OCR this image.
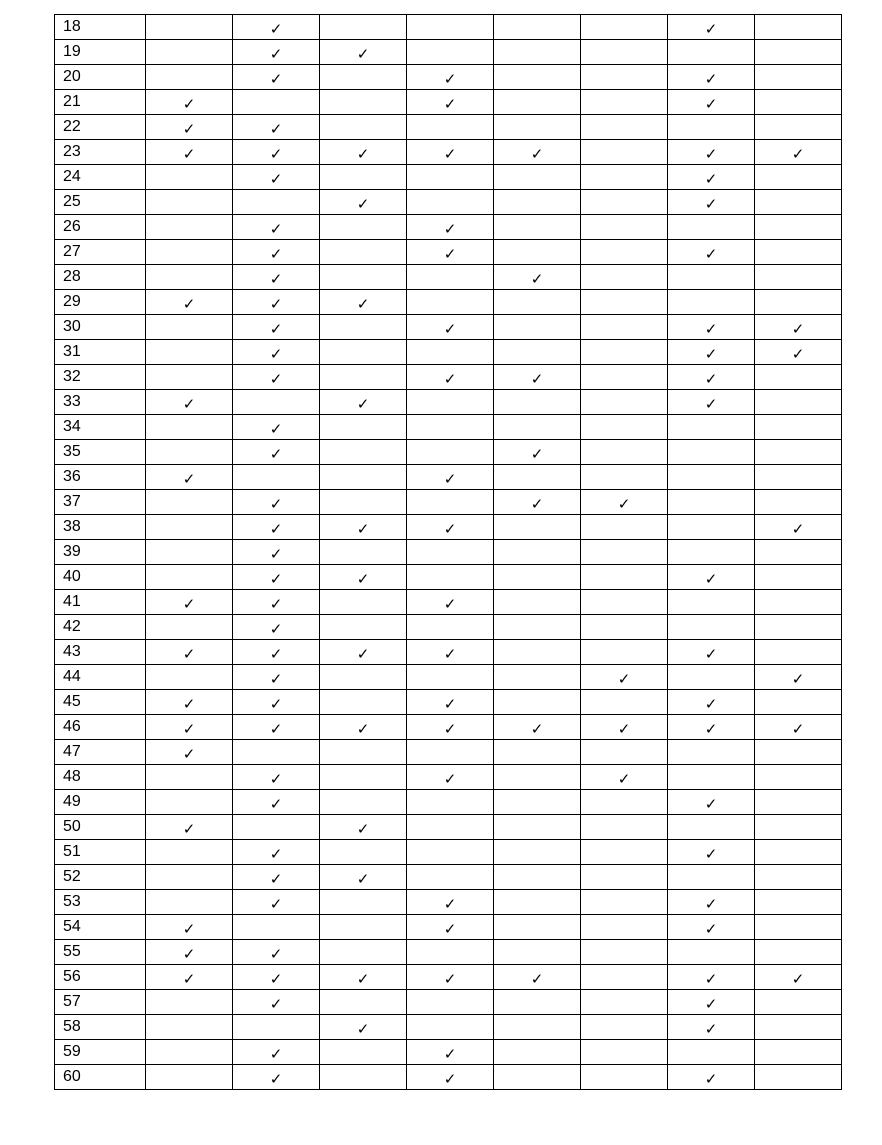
18		✓					✓	
19		✓	✓					
20		✓		✓			✓	
21	✓			✓			✓	
22	✓	✓						
23	✓	✓	✓	✓	✓		✓	✓
24		✓					✓	
25			✓				✓	
26		✓		✓				
27		✓		✓			✓	
28		✓			✓			
29	✓	✓	✓					
30		✓		✓			✓	✓
31		✓					✓	✓
32		✓		✓	✓		✓	
33	✓		✓				✓	
34		✓						
35		✓			✓			
36	✓			✓				
37		✓			✓	✓		
38		✓	✓	✓				✓
39		✓						
40		✓	✓				✓	
41	✓	✓		✓				
42		✓						
43	✓	✓	✓	✓			✓	
44		✓				✓		✓
45	✓	✓		✓			✓	
46	✓	✓	✓	✓	✓	✓	✓	✓
47	✓							
48		✓		✓		✓		
49		✓					✓	
50	✓		✓					
51		✓					✓	
52		✓	✓					
53		✓		✓			✓	
54	✓			✓			✓	
55	✓	✓						
56	✓	✓	✓	✓	✓		✓	✓
57		✓					✓	
58			✓				✓	
59		✓		✓				
60		✓		✓			✓	
